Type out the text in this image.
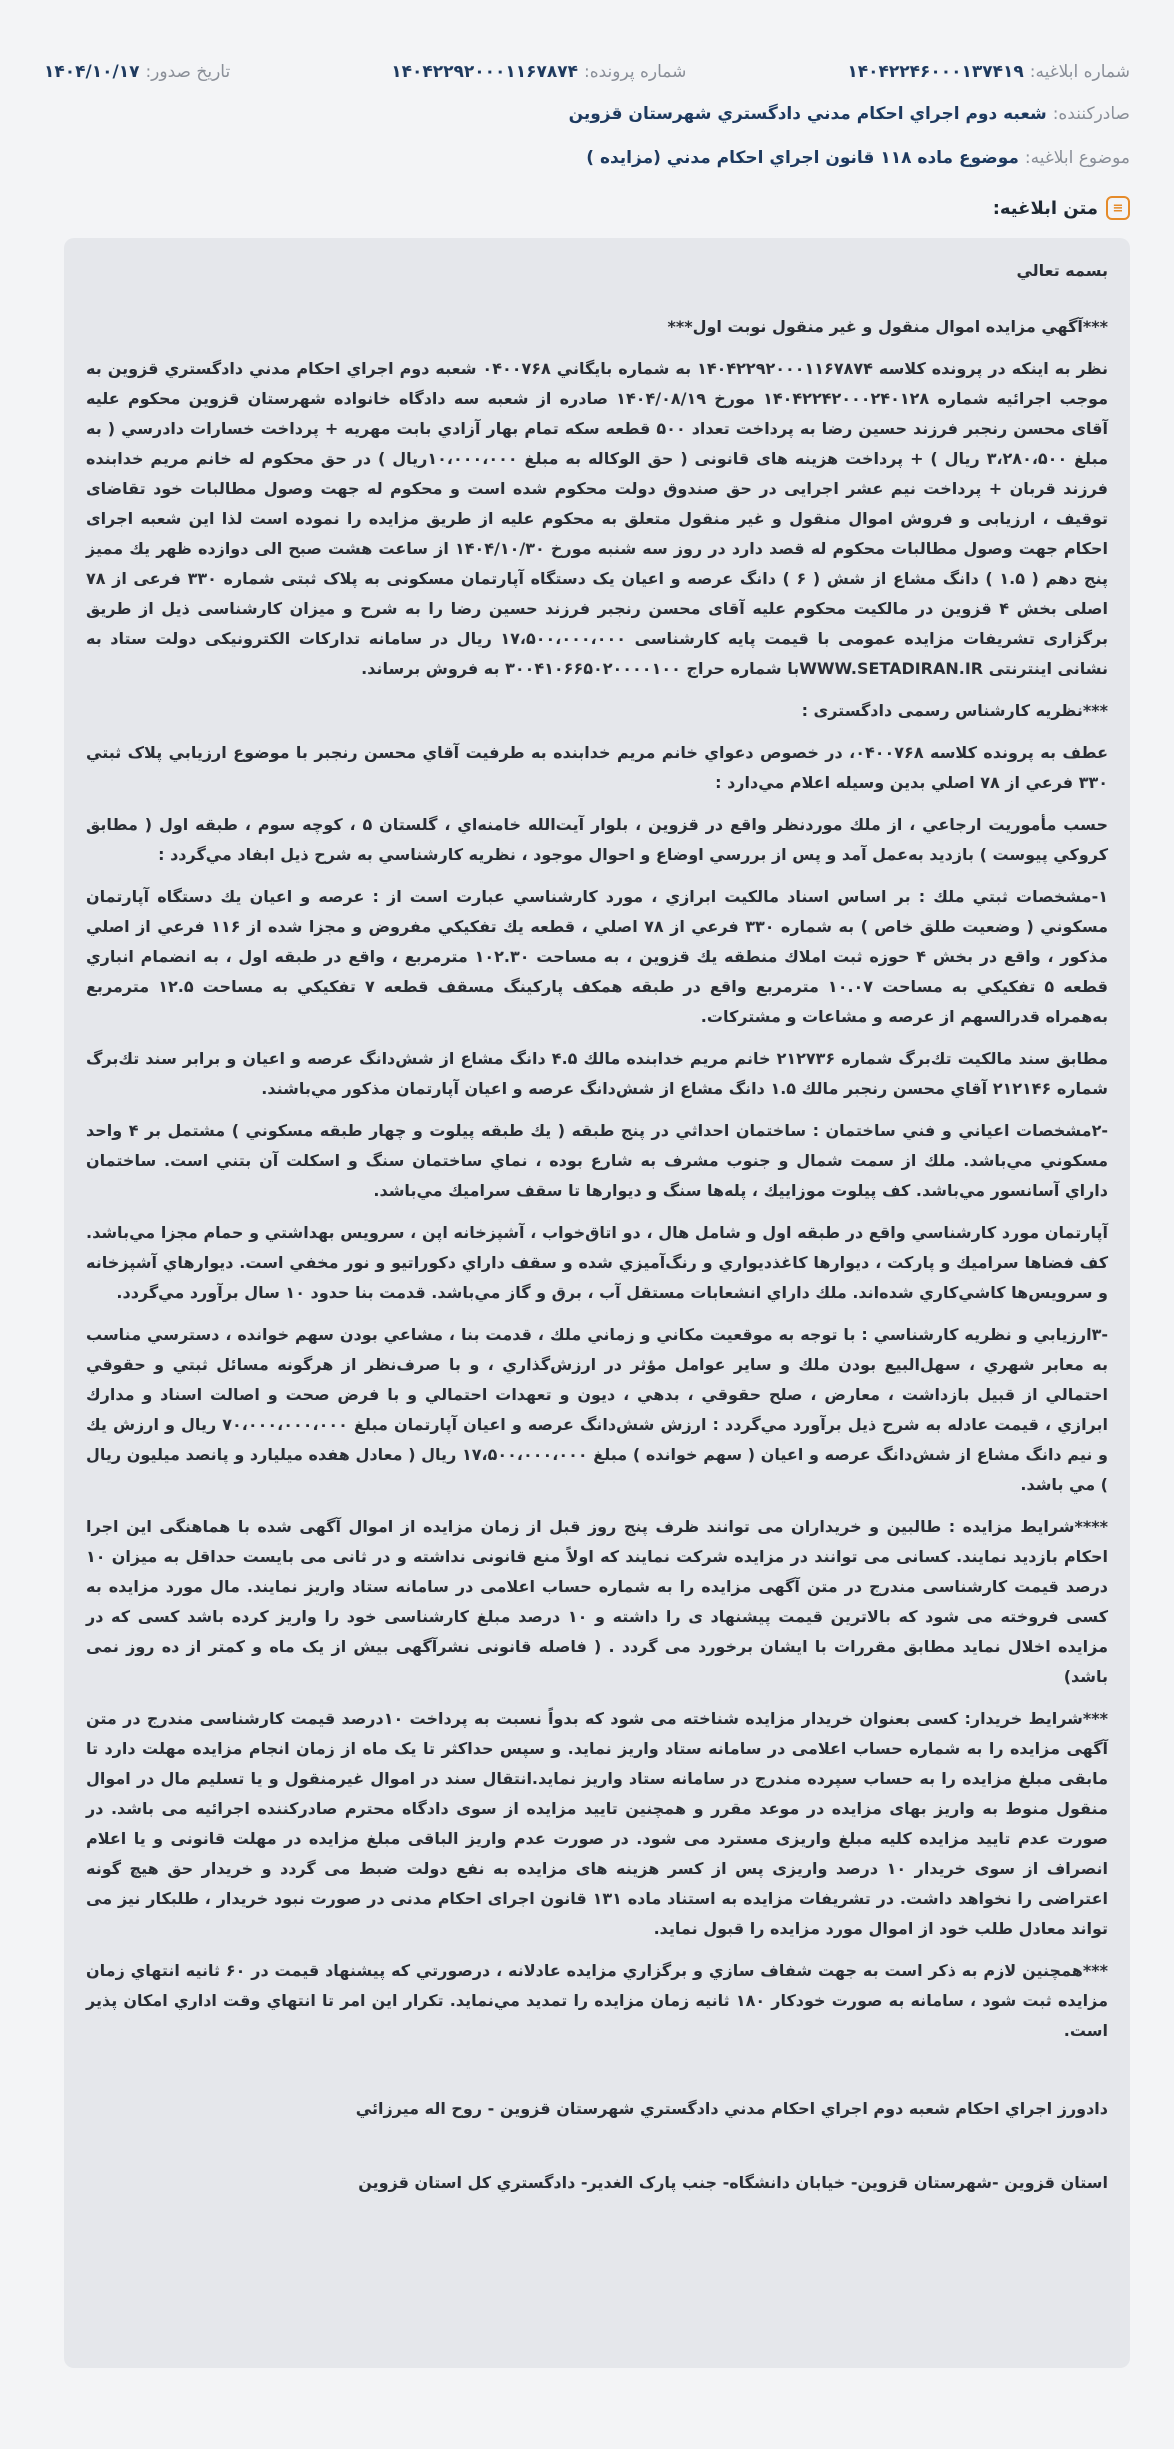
شماره ابلاغيه:
۱۴۰۴۲۲۴۶۰۰۰۱۳۷۴۱۹
شماره پرونده:
۱۴۰۴۲۲۹۲۰۰۰۱۱۶۷۸۷۴
تاريخ صدور:
۱۴۰۴/۱۰/۱۷
صادركننده:
شعبه دوم اجراي احكام مدني دادگستري شهرستان قزوين
موضوع ابلاغيه:
موضوع ماده ۱۱۸ قانون اجراي احكام مدني (مزايده )
≡
متن ابلاغيه:

بسمه تعالي

***آگهي مزايده اموال منقول و غير منقول نوبت اول***

نظر به اينكه در پرونده كلاسه ۱۴۰۴۲۲۹۲۰۰۰۱۱۶۷۸۷۴ به شماره بايگاني ۰۴۰۰۷۶۸ شعبه دوم اجراي احكام مدني دادگستري قزوين به موجب اجرائيه شماره ۱۴۰۴۲۲۴۲۰۰۰۲۴۰۱۲۸ مورخ ۱۴۰۴/۰۸/۱۹ صادره از شعبه سه دادگاه خانواده شهرستان قزوين محكوم عليه آقاى محسن رنجبر فرزند حسين رضا به پرداخت تعداد ۵۰۰ قطعه سكه تمام بهار آزادي بابت مهريه + پرداخت خسارات دادرسي ( به مبلغ ۳،۲۸۰،۵۰۰ ريال ) + پرداخت هزينه هاى قانونى ( حق الوكاله به مبلغ ۱۰،۰۰۰،۰۰۰ريال ) در حق محكوم له خانم مريم خدابنده فرزند قربان + پرداخت نيم عشر اجرايى در حق صندوق دولت محكوم شده است و محكوم له جهت وصول مطالبات خود تقاضاى توقيف ، ارزيابى و فروش اموال منقول و غير منقول متعلق به محكوم عليه از طريق مزايده را نموده است لذا اين شعبه اجراى احكام جهت وصول مطالبات محكوم له قصد دارد در روز سه شنبه مورخ ۱۴۰۴/۱۰/۳۰ از ساعت هشت صبح الى دوازده ظهر يك مميز پنج دهم ( ۱.۵ ) دانگ مشاع از شش ( ۶ ) دانگ عرصه و اعيان يک دستگاه آپارتمان مسكونى به پلاک ثبتى شماره ۳۳۰ فرعى از ۷۸ اصلى بخش ۴ قزوين در مالكيت محكوم عليه آقاى محسن رنجبر فرزند حسين رضا را به شرح و ميزان كارشناسى ذيل از طريق برگزارى تشريفات مزايده عمومى با قيمت پايه كارشناسى ۱۷،۵۰۰،۰۰۰،۰۰۰ ريال در سامانه تداركات الكترونيكى دولت ستاد به نشانى اينترنتى WWW.SETADIRAN.IRبا شماره حراج ۳۰۰۴۱۰۶۶۵۰۲۰۰۰۰۱۰۰ به فروش برساند.

***نظريه كارشناس رسمى دادگسترى :

عطف به پرونده كلاسه ۰۴۰۰۷۶۸، در خصوص دعواي خانم مريم خدابنده به طرفيت آقاي محسن رنجبر با موضوع ارزيابي پلاک ثبتي ۳۳۰ فرعي از ۷۸ اصلي بدين وسيله اعلام مي‌دارد :

حسب مأموريت ارجاعي ، از ملك موردنظر واقع در قزوين ، بلوار آيت‌الله خامنه‌اي ، گلستان ۵ ، كوچه سوم ، طبقه اول ( مطابق كروكي پيوست ) بازديد به‌عمل آمد و پس از بررسي اوضاع و احوال موجود ، نظريه كارشناسي به شرح ذيل ابفاد مي‌گردد :

۱-مشخصات ثبتي ملك : بر اساس اسناد مالكيت ابرازي ، مورد كارشناسي عبارت است از : عرصه و اعيان يك دستگاه آپارتمان مسكوني ( وضعيت طلق خاص ) به شماره ۳۳۰ فرعي از ۷۸ اصلي ، قطعه يك تفكيكي مفروض و مجزا شده از ۱۱۶ فرعي از اصلي مذكور ، واقع در بخش ۴ حوزه ثبت املاك منطقه يك قزوين ، به مساحت ۱۰۲.۳۰ مترمربع ، واقع در طبقه اول ، به انضمام انباري قطعه ۵ تفكيكي به مساحت ۱۰.۰۷ مترمربع واقع در طبقه همكف پاركينگ مسقف قطعه ۷ تفكيكي به مساحت ۱۲.۵ مترمربع به‌همراه قدرالسهم از عرصه و مشاعات و مشتركات.

مطابق سند مالكيت تك‌برگ شماره ۲۱۲۷۳۶ خانم مريم خدابنده مالك ۴.۵ دانگ مشاع از شش‌دانگ عرصه و اعيان و برابر سند تك‌برگ شماره ۲۱۲۱۴۶ آقاي محسن رنجبر مالك ۱.۵ دانگ مشاع از شش‌دانگ عرصه و اعيان آپارتمان مذكور مي‌باشند.

-۲مشخصات اعياني و فني ساختمان : ساختمان احداثي در پنج طبقه ( يك طبقه پيلوت و چهار طبقه مسكوني ) مشتمل بر ۴ واحد مسكوني مي‌باشد. ملك از سمت شمال و جنوب مشرف به شارع بوده ، نماي ساختمان سنگ و اسكلت آن بتني است. ساختمان داراي آسانسور مي‌باشد. كف پيلوت موزاييك ، پله‌ها سنگ و ديوارها تا سقف سراميك مي‌باشد.

آپارتمان مورد كارشناسي واقع در طبقه اول و شامل هال ، دو اتاق‌خواب ، آشپزخانه اپن ، سرويس بهداشتي و حمام مجزا مي‌باشد. كف فضاها سراميك و پاركت ، ديوارها كاغذديواري و رنگ‌آميزي شده و سقف داراي دكوراتيو و نور مخفي است. ديوارهاي آشپزخانه و سرويس‌ها كاشي‌كاري شده‌اند. ملك داراي انشعابات مستقل آب ، برق و گاز مي‌باشد. قدمت بنا حدود ۱۰ سال برآورد مي‌گردد.

-۳ارزيابي و نظريه كارشناسي : با توجه به موقعيت مكاني و زماني ملك ، قدمت بنا ، مشاعي بودن سهم خوانده ، دسترسي مناسب به معابر شهري ، سهل‌البيع بودن ملك و ساير عوامل مؤثر در ارزش‌گذاري ، و با صرف‌نظر از هرگونه مسائل ثبتي و حقوقي احتمالي از قبيل بازداشت ، معارض ، صلح حقوقي ، بدهي ، ديون و تعهدات احتمالي و با فرض صحت و اصالت اسناد و مدارك ابرازي ، قيمت عادله به شرح ذيل برآورد مي‌گردد : ارزش شش‌دانگ عرصه و اعيان آپارتمان مبلغ ۷۰،۰۰۰،۰۰۰،۰۰۰ ريال و ارزش يك و نيم دانگ مشاع از شش‌دانگ عرصه و اعيان ( سهم خوانده ) مبلغ ۱۷،۵۰۰،۰۰۰،۰۰۰ ريال ( معادل هفده ميليارد و پانصد ميليون ريال ) مي باشد.

****شرايط مزايده : طالبين و خريداران مى توانند ظرف پنج روز قبل از زمان مزايده از اموال آگهى شده با هماهنگى اين اجرا احكام بازديد نمايند. كسانى مى توانند در مزايده شركت نمايند كه اولاً منع قانونى نداشته و در ثانى مى بايست حداقل به ميزان ۱۰ درصد قيمت كارشناسى مندرج در متن آگهى مزايده را به شماره حساب اعلامى در سامانه ستاد واريز نمايند. مال مورد مزايده به كسى فروخته مى شود كه بالاترين قيمت پيشنهاد ى را داشته و ۱۰ درصد مبلغ كارشناسى خود را واريز كرده باشد كسى كه در مزايده اخلال نمايد مطابق مقررات با ايشان برخورد مى گردد . ( فاصله قانونى نشرآگهى بيش از يک ماه و كمتر از ده روز نمى باشد)

***شرايط خريدار: كسى بعنوان خريدار مزايده شناخته مى شود كه بدواً نسبت به پرداخت ۱۰درصد قيمت كارشناسى مندرج در متن آگهى مزايده را به شماره حساب اعلامى در سامانه ستاد واريز نمايد. و سپس حداكثر تا يک ماه از زمان انجام مزايده مهلت دارد تا مابقى مبلغ مزايده را به حساب سپرده مندرج در سامانه ستاد واريز نمايد.انتقال سند در اموال غيرمنقول و يا تسليم مال در اموال منقول منوط به واريز بهاى مزايده در موعد مقرر و همچنين تاييد مزايده از سوى دادگاه محترم صادركننده اجرائيه مى باشد. در صورت عدم تاييد مزايده كليه مبلغ واريزى مسترد مى شود. در صورت عدم واريز الباقى مبلغ مزايده در مهلت قانونى و يا اعلام انصراف از سوى خريدار ۱۰ درصد واريزى پس از كسر هزينه هاى مزايده به نفع دولت ضبط مى گردد و خريدار حق هيچ گونه اعتراضى را نخواهد داشت. در تشريفات مزايده به استناد ماده ۱۳۱ قانون اجراى احكام مدنى در صورت نبود خريدار ، طلبكار نيز مى تواند معادل طلب خود از اموال مورد مزايده را قبول نمايد.

***همچنين لازم به ذكر است به جهت شفاف سازي و برگزاري مزايده عادلانه ، درصورتي كه پيشنهاد قيمت در ۶۰ ثانيه انتهاي زمان مزايده ثبت شود ، سامانه به صورت خودكار ۱۸۰ ثانيه زمان مزايده را تمديد مي‌نمايد. تكرار اين امر تا انتهاي وقت اداري امكان پذير است.

دادورز اجراي احكام شعبه دوم اجراي احكام مدني دادگستري شهرستان قزوين - روح اله ميرزائي

استان قزوين -شهرستان قزوين- خيابان دانشگاه- جنب پارک الغدير- دادگستري كل استان قزوين
